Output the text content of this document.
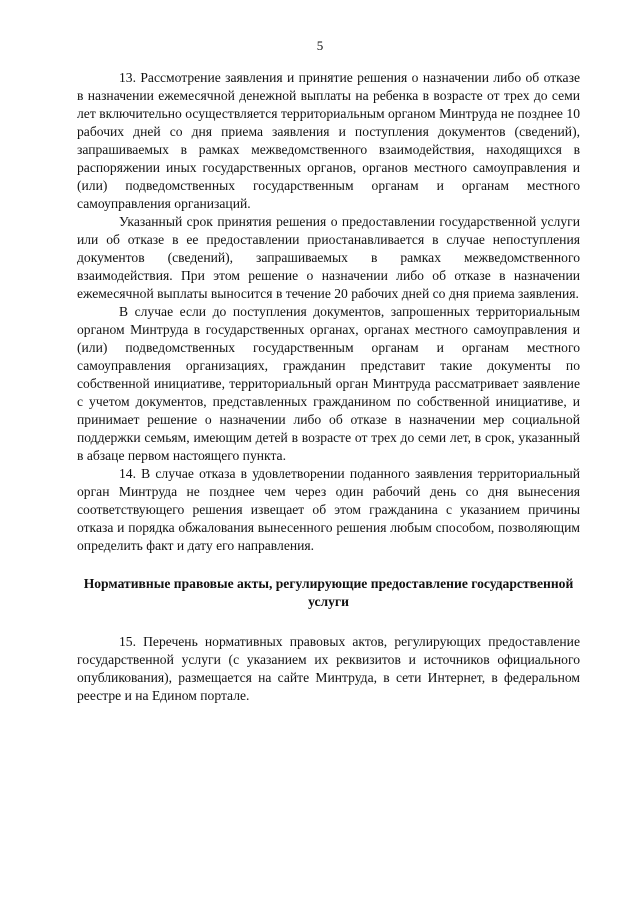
5

13. Рассмотрение заявления и принятие решения о назначении либо об отказе в назначении ежемесячной денежной выплаты на ребенка в возрасте от трех до семи лет включительно осуществляется территориальным органом Минтруда не позднее 10 рабочих дней со дня приема заявления и поступления документов (сведений), запрашиваемых в рамках межведомственного взаимодействия, находящихся в распоряжении иных государственных органов, органов местного самоуправления и (или) подведомственных государственным органам и органам местного самоуправления организаций.

Указанный срок принятия решения о предоставлении государственной услуги или об отказе в ее предоставлении приостанавливается в случае непоступления документов (сведений), запрашиваемых в рамках межведомственного взаимодействия. При этом решение о назначении либо об отказе в назначении ежемесячной выплаты выносится в течение 20 рабочих дней со дня приема заявления.

В случае если до поступления документов, запрошенных территориальным органом Минтруда в государственных органах, органах местного самоуправления и (или) подведомственных государственным органам и органам местного самоуправления организациях, гражданин представит такие документы по собственной инициативе, территориальный орган Минтруда рассматривает заявление с учетом документов, представленных гражданином по собственной инициативе, и принимает решение о назначении либо об отказе в назначении мер социальной поддержки семьям, имеющим детей в возрасте от трех до семи лет, в срок, указанный в абзаце первом настоящего пункта.

14. В случае отказа в удовлетворении поданного заявления территориальный орган Минтруда не позднее чем через один рабочий день со дня вынесения соответствующего решения извещает об этом гражданина с указанием причины отказа и порядка обжалования вынесенного решения любым способом, позволяющим определить факт и дату его направления.

Нормативные правовые акты, регулирующие предоставление государственной услуги

15. Перечень нормативных правовых актов, регулирующих предоставление государственной услуги (с указанием их реквизитов и источников официального опубликования), размещается на сайте Минтруда, в сети Интернет, в федеральном реестре и на Едином портале.
